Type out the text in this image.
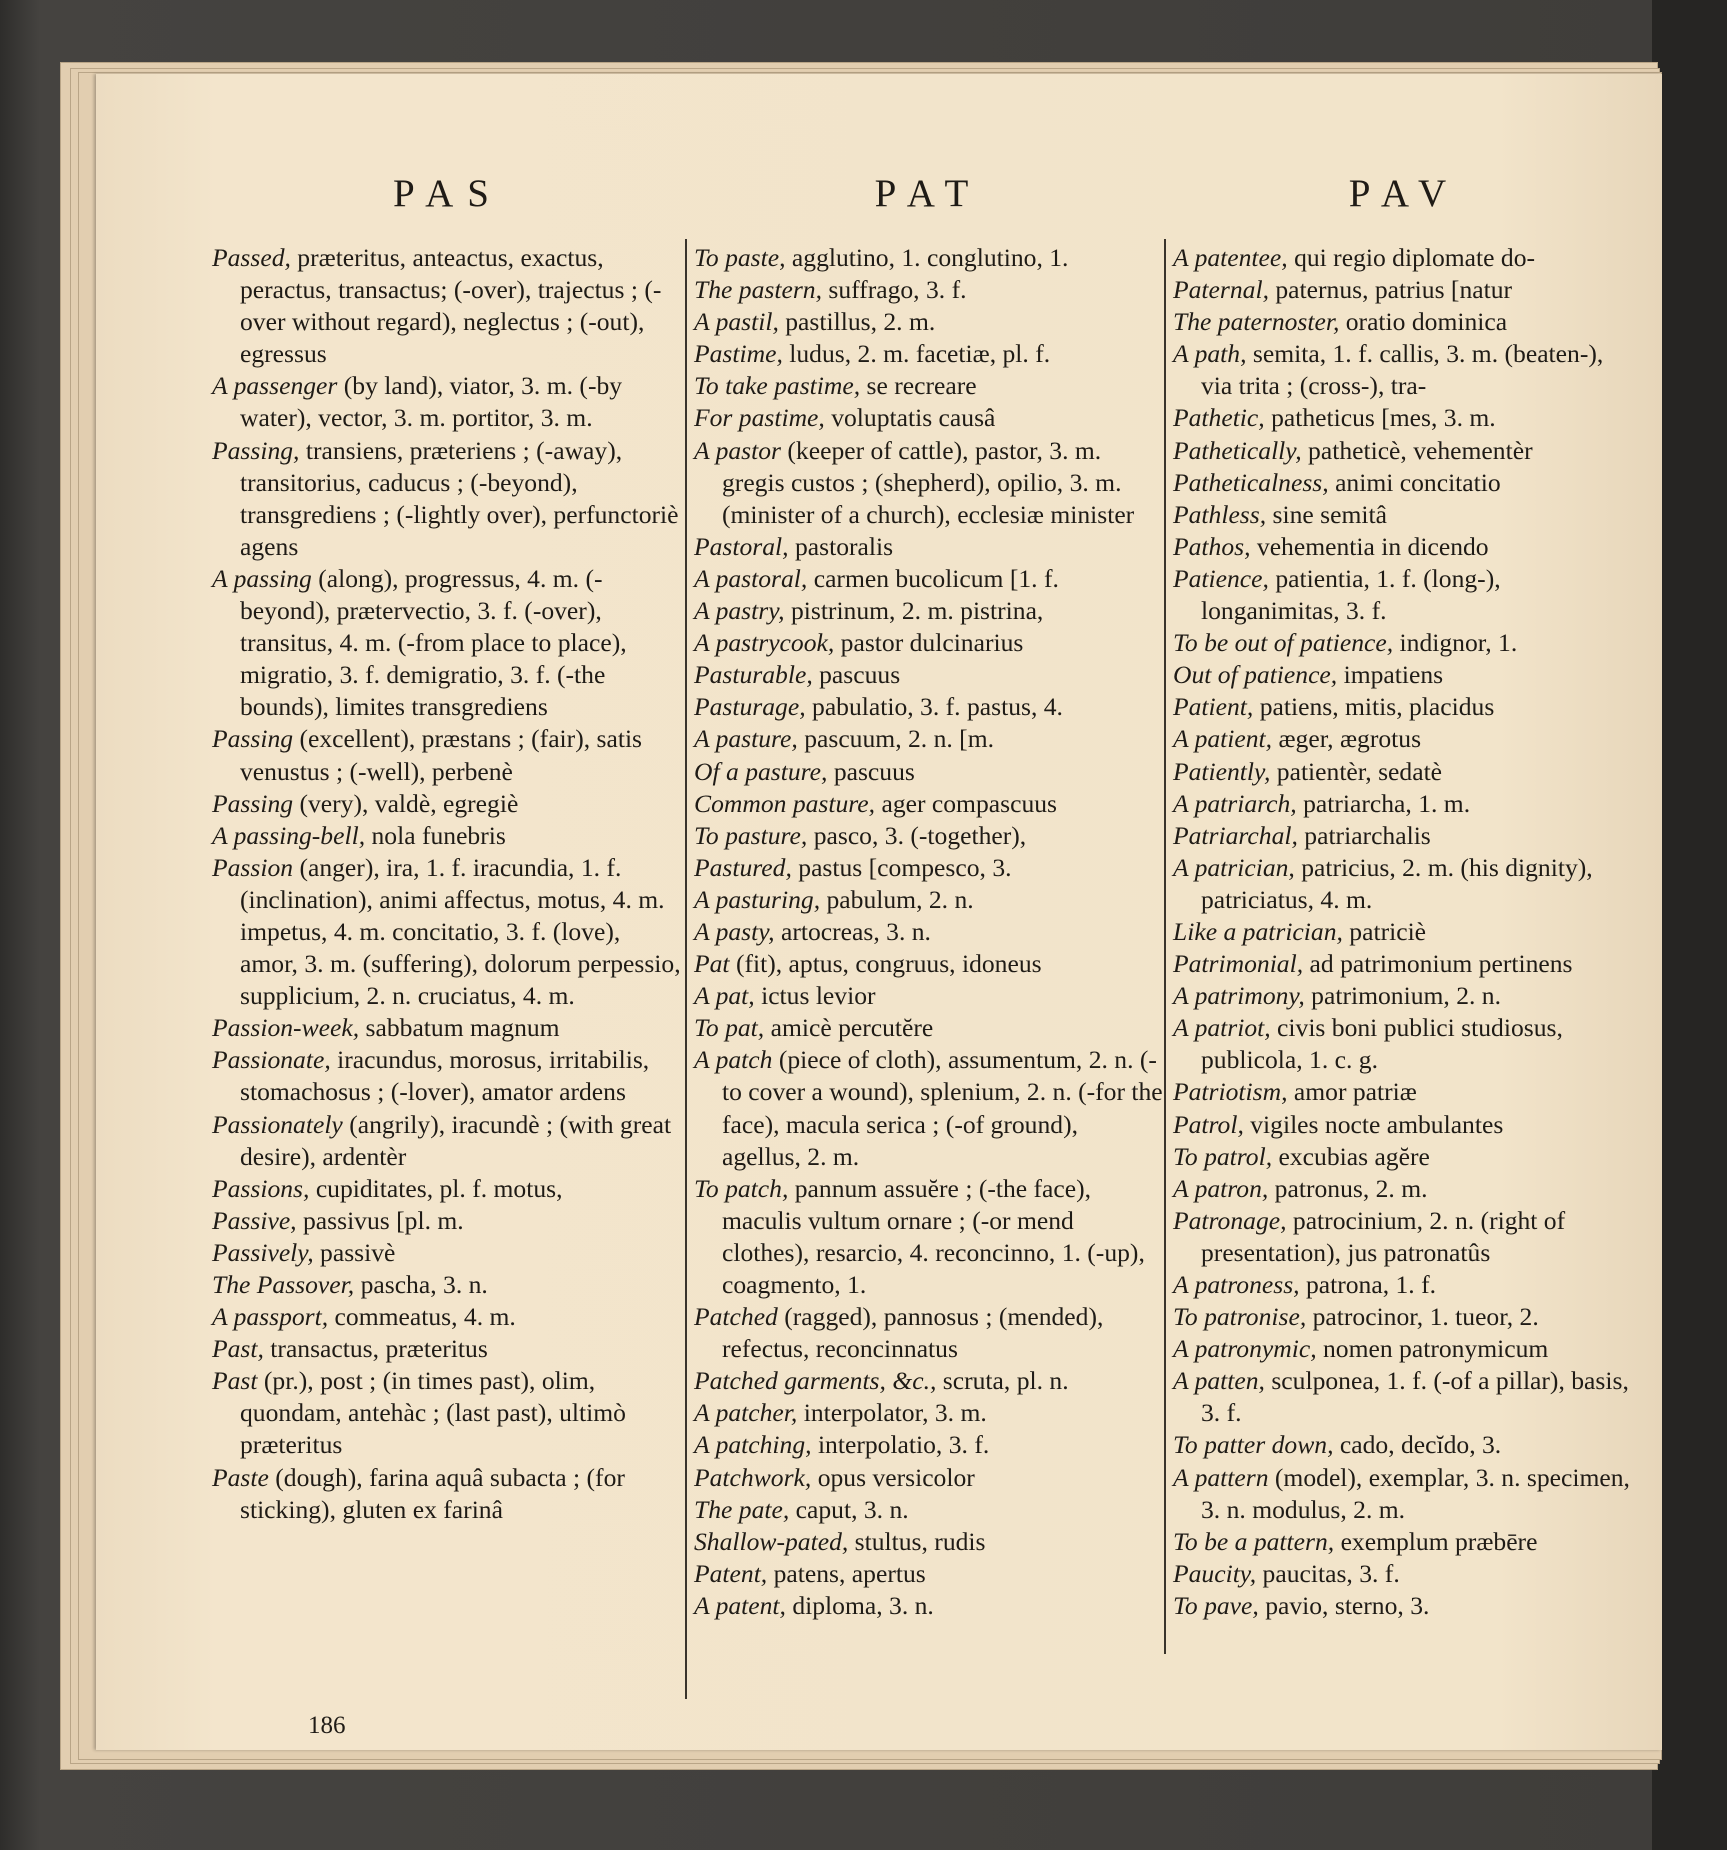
PAS
Passed, præteritus, anteactus, exactus, peractus, transactus; (-over), trajectus ; (-over without regard), neglectus ; (-out), egressus
A passenger (by land), viator, 3. m. (-by water), vector, 3. m. portitor, 3. m.
Passing, transiens, præteriens ; (-away), transitorius, caducus ; (-beyond), transgrediens ; (-lightly over), perfunctoriè agens
A passing (along), progressus, 4. m. (-beyond), prætervectio, 3. f. (-over), transitus, 4. m. (-from place to place), migratio, 3. f. demigratio, 3. f. (-the bounds), limites transgrediens
Passing (excellent), præstans ; (fair), satis venustus ; (-well), perbenè
Passing (very), valdè, egregiè
A passing-bell, nola funebris
Passion (anger), ira, 1. f. iracundia, 1. f. (inclination), animi affectus, motus, 4. m. impetus, 4. m. concitatio, 3. f. (love), amor, 3. m. (suffering), dolorum perpessio, supplicium, 2. n. cruciatus, 4. m.
Passion-week, sabbatum magnum
Passionate, iracundus, morosus, irritabilis, stomachosus ; (-lover), amator ardens
Passionately (angrily), iracundè ; (with great desire), ardentèr
Passions, cupiditates, pl. f. motus,
Passive, passivus [pl. m.
Passively, passivè
The Passover, pascha, 3. n.
A passport, commeatus, 4. m.
Past, transactus, præteritus
Past (pr.), post ; (in times past), olim, quondam, antehàc ; (last past), ultimò præteritus
Paste (dough), farina aquâ subacta ; (for sticking), gluten ex farinâ
PAT
To paste, agglutino, 1. conglutino, 1.
The pastern, suffrago, 3. f.
A pastil, pastillus, 2. m.
Pastime, ludus, 2. m. facetiæ, pl. f.
To take pastime, se recreare
For pastime, voluptatis causâ
A pastor (keeper of cattle), pastor, 3. m. gregis custos ; (shepherd), opilio, 3. m. (minister of a church), ecclesiæ minister
Pastoral, pastoralis
A pastoral, carmen bucolicum [1. f.
A pastry, pistrinum, 2. m. pistrina,
A pastrycook, pastor dulcinarius
Pasturable, pascuus
Pasturage, pabulatio, 3. f. pastus, 4.
A pasture, pascuum, 2. n. [m.
Of a pasture, pascuus
Common pasture, ager compascuus
To pasture, pasco, 3. (-together),
Pastured, pastus [compesco, 3.
A pasturing, pabulum, 2. n.
A pasty, artocreas, 3. n.
Pat (fit), aptus, congruus, idoneus
A pat, ictus levior
To pat, amicè percutĕre
A patch (piece of cloth), assumentum, 2. n. (-to cover a wound), splenium, 2. n. (-for the face), macula serica ; (-of ground), agellus, 2. m.
To patch, pannum assuĕre ; (-the face), maculis vultum ornare ; (-or mend clothes), resarcio, 4. reconcinno, 1. (-up), coagmento, 1.
Patched (ragged), pannosus ; (mended), refectus, reconcinnatus
Patched garments, &c., scruta, pl. n.
A patcher, interpolator, 3. m.
A patching, interpolatio, 3. f.
Patchwork, opus versicolor
The pate, caput, 3. n.
Shallow-pated, stultus, rudis
Patent, patens, apertus
A patent, diploma, 3. n.
PAV
A patentee, qui regio diplomate do-
Paternal, paternus, patrius [natur
The paternoster, oratio dominica
A path, semita, 1. f. callis, 3. m. (beaten-), via trita ; (cross-), tra-
Pathetic, patheticus [mes, 3. m.
Pathetically, patheticè, vehementèr
Patheticalness, animi concitatio
Pathless, sine semitâ
Pathos, vehementia in dicendo
Patience, patientia, 1. f. (long-), longanimitas, 3. f.
To be out of patience, indignor, 1.
Out of patience, impatiens
Patient, patiens, mitis, placidus
A patient, æger, ægrotus
Patiently, patientèr, sedatè
A patriarch, patriarcha, 1. m.
Patriarchal, patriarchalis
A patrician, patricius, 2. m. (his dignity), patriciatus, 4. m.
Like a patrician, patriciè
Patrimonial, ad patrimonium pertinens
A patrimony, patrimonium, 2. n.
A patriot, civis boni publici studiosus, publicola, 1. c. g.
Patriotism, amor patriæ
Patrol, vigiles nocte ambulantes
To patrol, excubias agĕre
A patron, patronus, 2. m.
Patronage, patrocinium, 2. n. (right of presentation), jus patronatûs
A patroness, patrona, 1. f.
To patronise, patrocinor, 1. tueor, 2.
A patronymic, nomen patronymicum
A patten, sculponea, 1. f. (-of a pillar), basis, 3. f.
To patter down, cado, decĭdo, 3.
A pattern (model), exemplar, 3. n. specimen, 3. n. modulus, 2. m.
To be a pattern, exemplum præbēre
Paucity, paucitas, 3. f.
To pave, pavio, sterno, 3.
186
